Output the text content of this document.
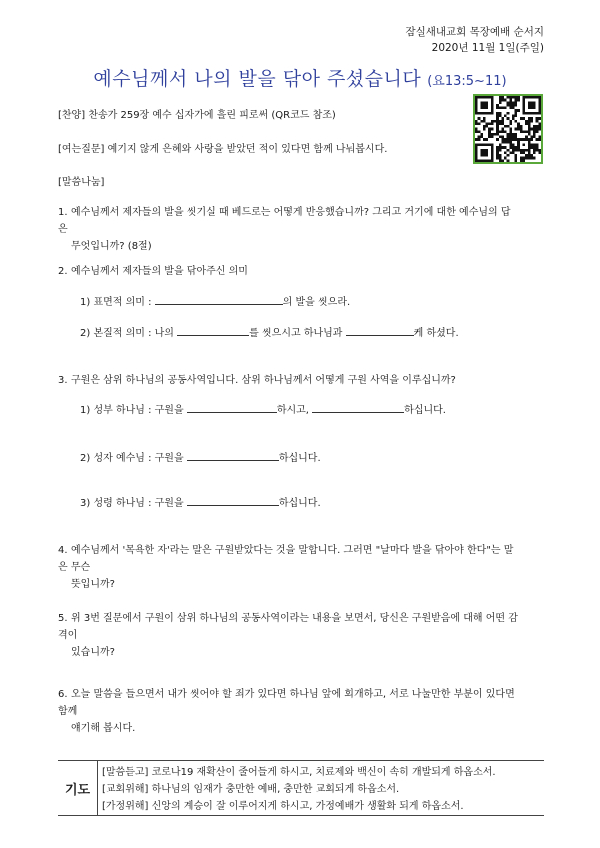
잠실새내교회 목장예배 순서지
2020년 11월 1일(주일)
예수님께서 나의 발을 닦아 주셨습니다 (요13:5~11)
[찬양] 찬송가 259장 예수 십자가에 흘린 피로써 (QR코드 참조)
[여는질문] 예기지 않게 은혜와 사랑을 받았던 적이 있다면 함께 나눠봅시다.
[말씀나눔]
1. 예수님께서 제자들의 발을 씻기실 때 베드로는 어떻게 반응했습니까? 그리고 거기에 대한 예수님의 답은
무엇입니까? (8절)
2. 예수님께서 제자들의 발을 닦아주신 의미
1) 표면적 의미 :	의 발을 씻으라.
2) 본질적 의미 : 나의	를 씻으시고 하나님과	케 하셨다.
3. 구원은 삼위 하나님의 공동사역입니다. 삼위 하나님께서 어떻게 구원 사역을 이루십니까?
1) 성부 하나님 : 구원을	하시고,	하십니다.
2) 성자 예수님 : 구원을	하십니다.
3) 성령 하나님 : 구원을	하십니다.
4. 예수님께서 '목욕한 자'라는 말은 구원받았다는 것을 말합니다. 그러면 "날마다 발을 닦아야 한다"는 말은 무슨
뜻입니까?
5. 위 3번 질문에서 구원이 삼위 하나님의 공동사역이라는 내용을 보면서, 당신은 구원받음에 대해 어떤 감격이
있습니까?
6. 오늘 말씀을 들으면서 내가 씻어야 할 죄가 있다면 하나님 앞에 회개하고, 서로 나눌만한 부분이 있다면 함께
얘기해 봅시다.
기도
[말씀듣고] 코로나19 재확산이 줄어들게 하시고, 치료제와 백신이 속히 개발되게 하옵소서.
[교회위해] 하나님의 임재가 충만한 예배, 충만한 교회되게 하옵소서.
[가정위해] 신앙의 계승이 잘 이루어지게 하시고, 가정예배가 생활화 되게 하옵소서.
